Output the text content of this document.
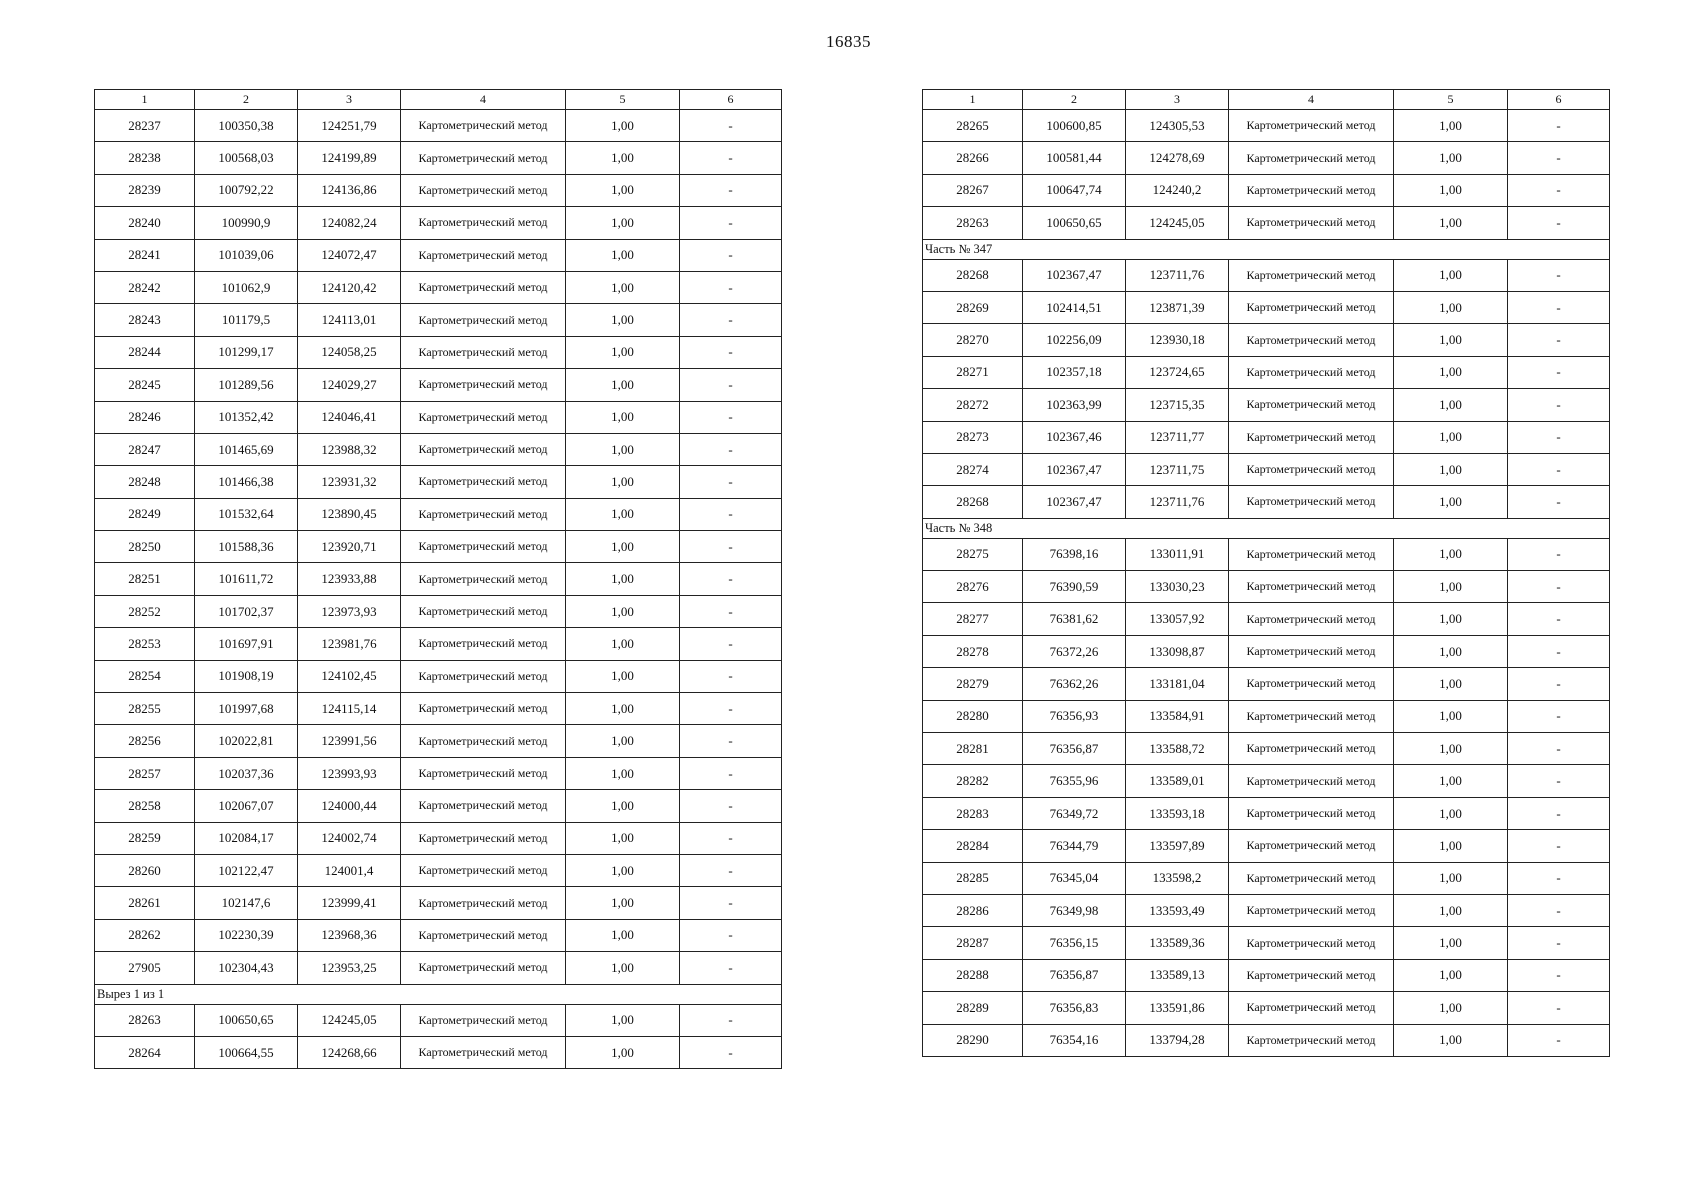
16835
1	2	3	4	5	6
28237	100350,38	124251,79	Картометрический метод	1,00	-
28238	100568,03	124199,89	Картометрический метод	1,00	-
28239	100792,22	124136,86	Картометрический метод	1,00	-
28240	100990,9	124082,24	Картометрический метод	1,00	-
28241	101039,06	124072,47	Картометрический метод	1,00	-
28242	101062,9	124120,42	Картометрический метод	1,00	-
28243	101179,5	124113,01	Картометрический метод	1,00	-
28244	101299,17	124058,25	Картометрический метод	1,00	-
28245	101289,56	124029,27	Картометрический метод	1,00	-
28246	101352,42	124046,41	Картометрический метод	1,00	-
28247	101465,69	123988,32	Картометрический метод	1,00	-
28248	101466,38	123931,32	Картометрический метод	1,00	-
28249	101532,64	123890,45	Картометрический метод	1,00	-
28250	101588,36	123920,71	Картометрический метод	1,00	-
28251	101611,72	123933,88	Картометрический метод	1,00	-
28252	101702,37	123973,93	Картометрический метод	1,00	-
28253	101697,91	123981,76	Картометрический метод	1,00	-
28254	101908,19	124102,45	Картометрический метод	1,00	-
28255	101997,68	124115,14	Картометрический метод	1,00	-
28256	102022,81	123991,56	Картометрический метод	1,00	-
28257	102037,36	123993,93	Картометрический метод	1,00	-
28258	102067,07	124000,44	Картометрический метод	1,00	-
28259	102084,17	124002,74	Картометрический метод	1,00	-
28260	102122,47	124001,4	Картометрический метод	1,00	-
28261	102147,6	123999,41	Картометрический метод	1,00	-
28262	102230,39	123968,36	Картометрический метод	1,00	-
27905	102304,43	123953,25	Картометрический метод	1,00	-
Вырез 1 из 1					
28263	100650,65	124245,05	Картометрический метод	1,00	-
28264	100664,55	124268,66	Картометрический метод	1,00	-
1	2	3	4	5	6
28265	100600,85	124305,53	Картометрический метод	1,00	-
28266	100581,44	124278,69	Картометрический метод	1,00	-
28267	100647,74	124240,2	Картометрический метод	1,00	-
28263	100650,65	124245,05	Картометрический метод	1,00	-
Часть № 347					
28268	102367,47	123711,76	Картометрический метод	1,00	-
28269	102414,51	123871,39	Картометрический метод	1,00	-
28270	102256,09	123930,18	Картометрический метод	1,00	-
28271	102357,18	123724,65	Картометрический метод	1,00	-
28272	102363,99	123715,35	Картометрический метод	1,00	-
28273	102367,46	123711,77	Картометрический метод	1,00	-
28274	102367,47	123711,75	Картометрический метод	1,00	-
28268	102367,47	123711,76	Картометрический метод	1,00	-
Часть № 348					
28275	76398,16	133011,91	Картометрический метод	1,00	-
28276	76390,59	133030,23	Картометрический метод	1,00	-
28277	76381,62	133057,92	Картометрический метод	1,00	-
28278	76372,26	133098,87	Картометрический метод	1,00	-
28279	76362,26	133181,04	Картометрический метод	1,00	-
28280	76356,93	133584,91	Картометрический метод	1,00	-
28281	76356,87	133588,72	Картометрический метод	1,00	-
28282	76355,96	133589,01	Картометрический метод	1,00	-
28283	76349,72	133593,18	Картометрический метод	1,00	-
28284	76344,79	133597,89	Картометрический метод	1,00	-
28285	76345,04	133598,2	Картометрический метод	1,00	-
28286	76349,98	133593,49	Картометрический метод	1,00	-
28287	76356,15	133589,36	Картометрический метод	1,00	-
28288	76356,87	133589,13	Картометрический метод	1,00	-
28289	76356,83	133591,86	Картометрический метод	1,00	-
28290	76354,16	133794,28	Картометрический метод	1,00	-
